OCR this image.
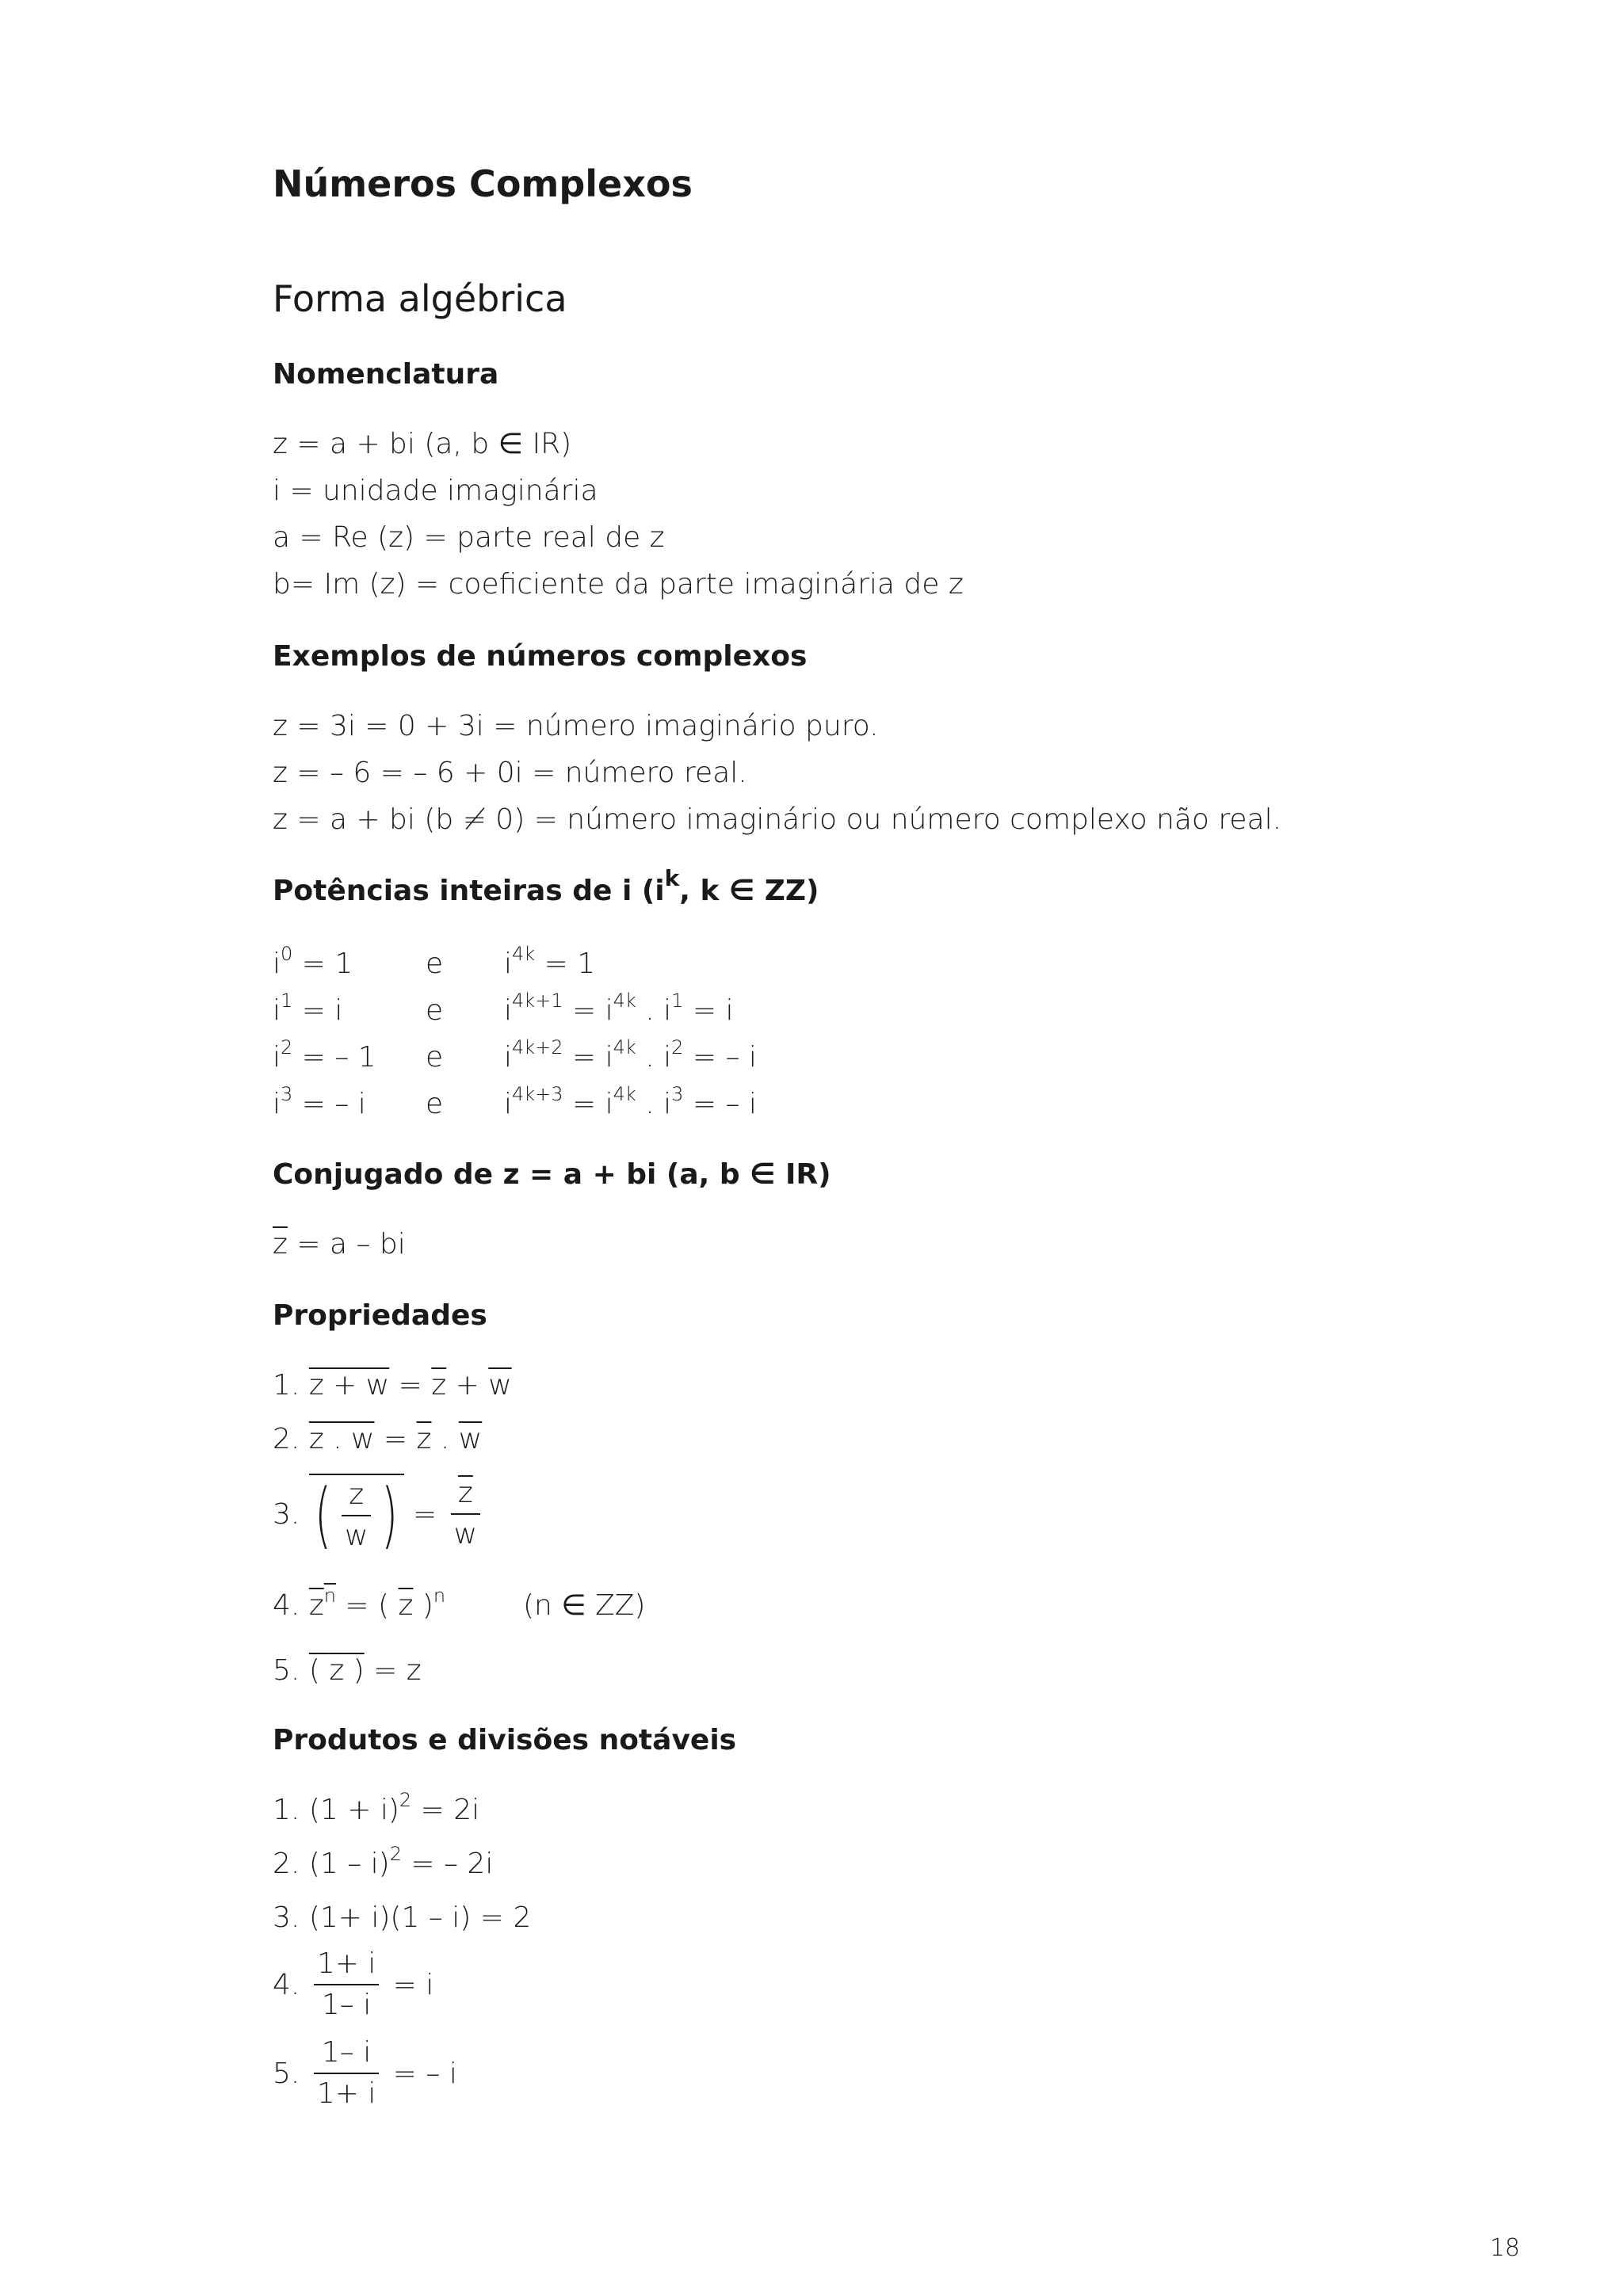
Números Complexos
Forma algébrica
Nomenclatura
z = a + bi (a, b ∈ IR)
i = unidade imaginária
a = Re (z) = parte real de z
b= Im (z) = coeficiente da parte imaginária de z
Exemplos de números complexos
z = 3i = 0 + 3i = número imaginário puro.
z = – 6 = – 6 + 0i = número real.
z = a + bi (b ≠ 0) = número imaginário ou número complexo não real.
Potências inteiras de i ($i^k$, k ∈ ZZ)
$i^0 = 1$	e $i^{4k} = 1$
$i^1 = i$	e $i^{4k+1} = i^{4k}$ . $i^1 = i$
$i^2$ = – 1 e $i^{4k+2} = i^{4k}$ . $i^2$ = – i
$i^3$ = – i e $i^{4k+3} = i^{4k}$ . $i^3$ = – i
Conjugado de z = a + bi (a, b ∈ IR)
$\overline{z} = a$ – bi
Propriedades
1. $z + w = \overline{z} + \overline{w}$
2. z . $w = \overline{z}$ . $\overline{w}$
3. ( $\frac{z}{w}$ ) = $\frac{\overline{z}}{w}$
4. $z^n$ = ( $\overline{z}$ )$^n$	(n ∈ ZZ)
5. ( z ) = z
Produtos e divisões notáveis
1. $(1 + i)^2 = 2i$
2. (1 – i)$^2$ = – 2i
3. (1+ i)(1 – i) = 2
4. $\frac{1+ i}{1- i} = i$
5. $\frac{1- i}{1+ i}$ = – i
18
